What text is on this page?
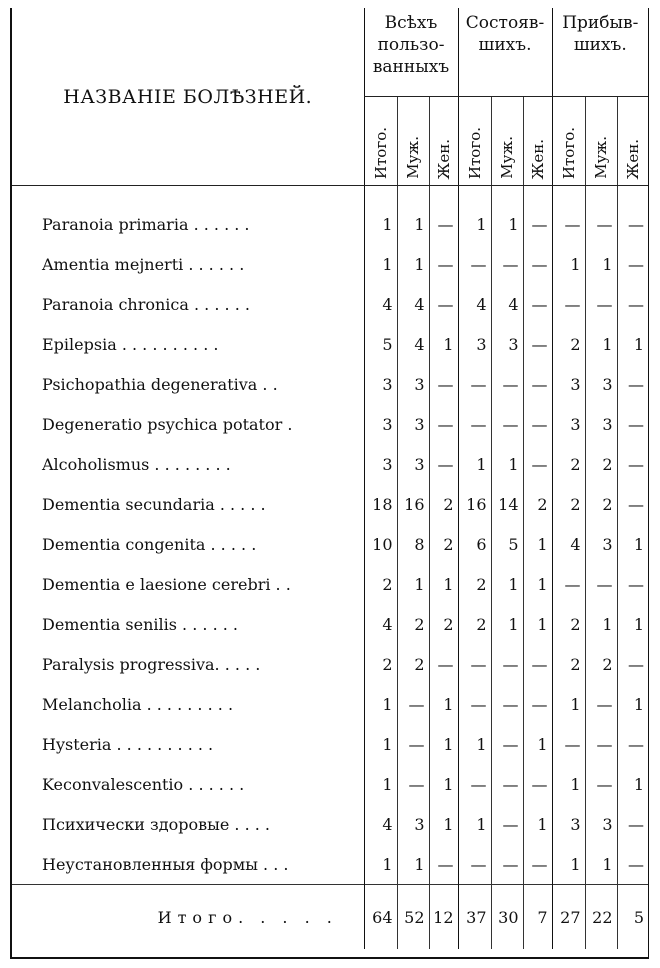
НАЗВАНІЕ БОЛѢЗНЕЙ.	Всѣхъ пользо- ванныхъ			Состояв- шихъ.			Прибыв- шихъ.		

	Итого.	Муж.	Жен.	Итого.	Муж.	Жен.	Итого.	Муж.	Жен.

Paranoia primaria . . . . . .	1	1	—	1	1	—	—	—	—
Amentia mejnerti . . . . . .	1	1	—	—	—	—	1	1	—
Paranoia chronica . . . . . .	4	4	—	4	4	—	—	—	—
Epilepsia . . . . . . . . . .	5	4	1	3	3	—	2	1	1
Psichopathia degenerativa . .	3	3	—	—	—	—	3	3	—
Degeneratio psychica potator .	3	3	—	—	—	—	3	3	—
Alcoholismus . . . . . . . .	3	3	—	1	1	—	2	2	—
Dementia secundaria . . . . .	18	16	2	16	14	2	2	2	—
Dementia congenita . . . . .	10	8	2	6	5	1	4	3	1
Dementia e laesione cerebri . .	2	1	1	2	1	1	—	—	—
Dementia senilis . . . . . .	4	2	2	2	1	1	2	1	1
Paralysis progressiva. . . . .	2	2	—	—	—	—	2	2	—
Melancholia . . . . . . . . .	1	—	1	—	—	—	1	—	1
Hysteria . . . . . . . . . .	1	—	1	1	—	1	—	—	—
Keconvalescentio . . . . . .	1	—	1	—	—	—	1	—	1
Психически здоровые . . . .	4	3	1	1	—	1	3	3	—
Неустановленныя формы . . .	1	1	—	—	—	—	1	1	—
Итого. . . . .	64	52	12	37	30	7	27	22	5
